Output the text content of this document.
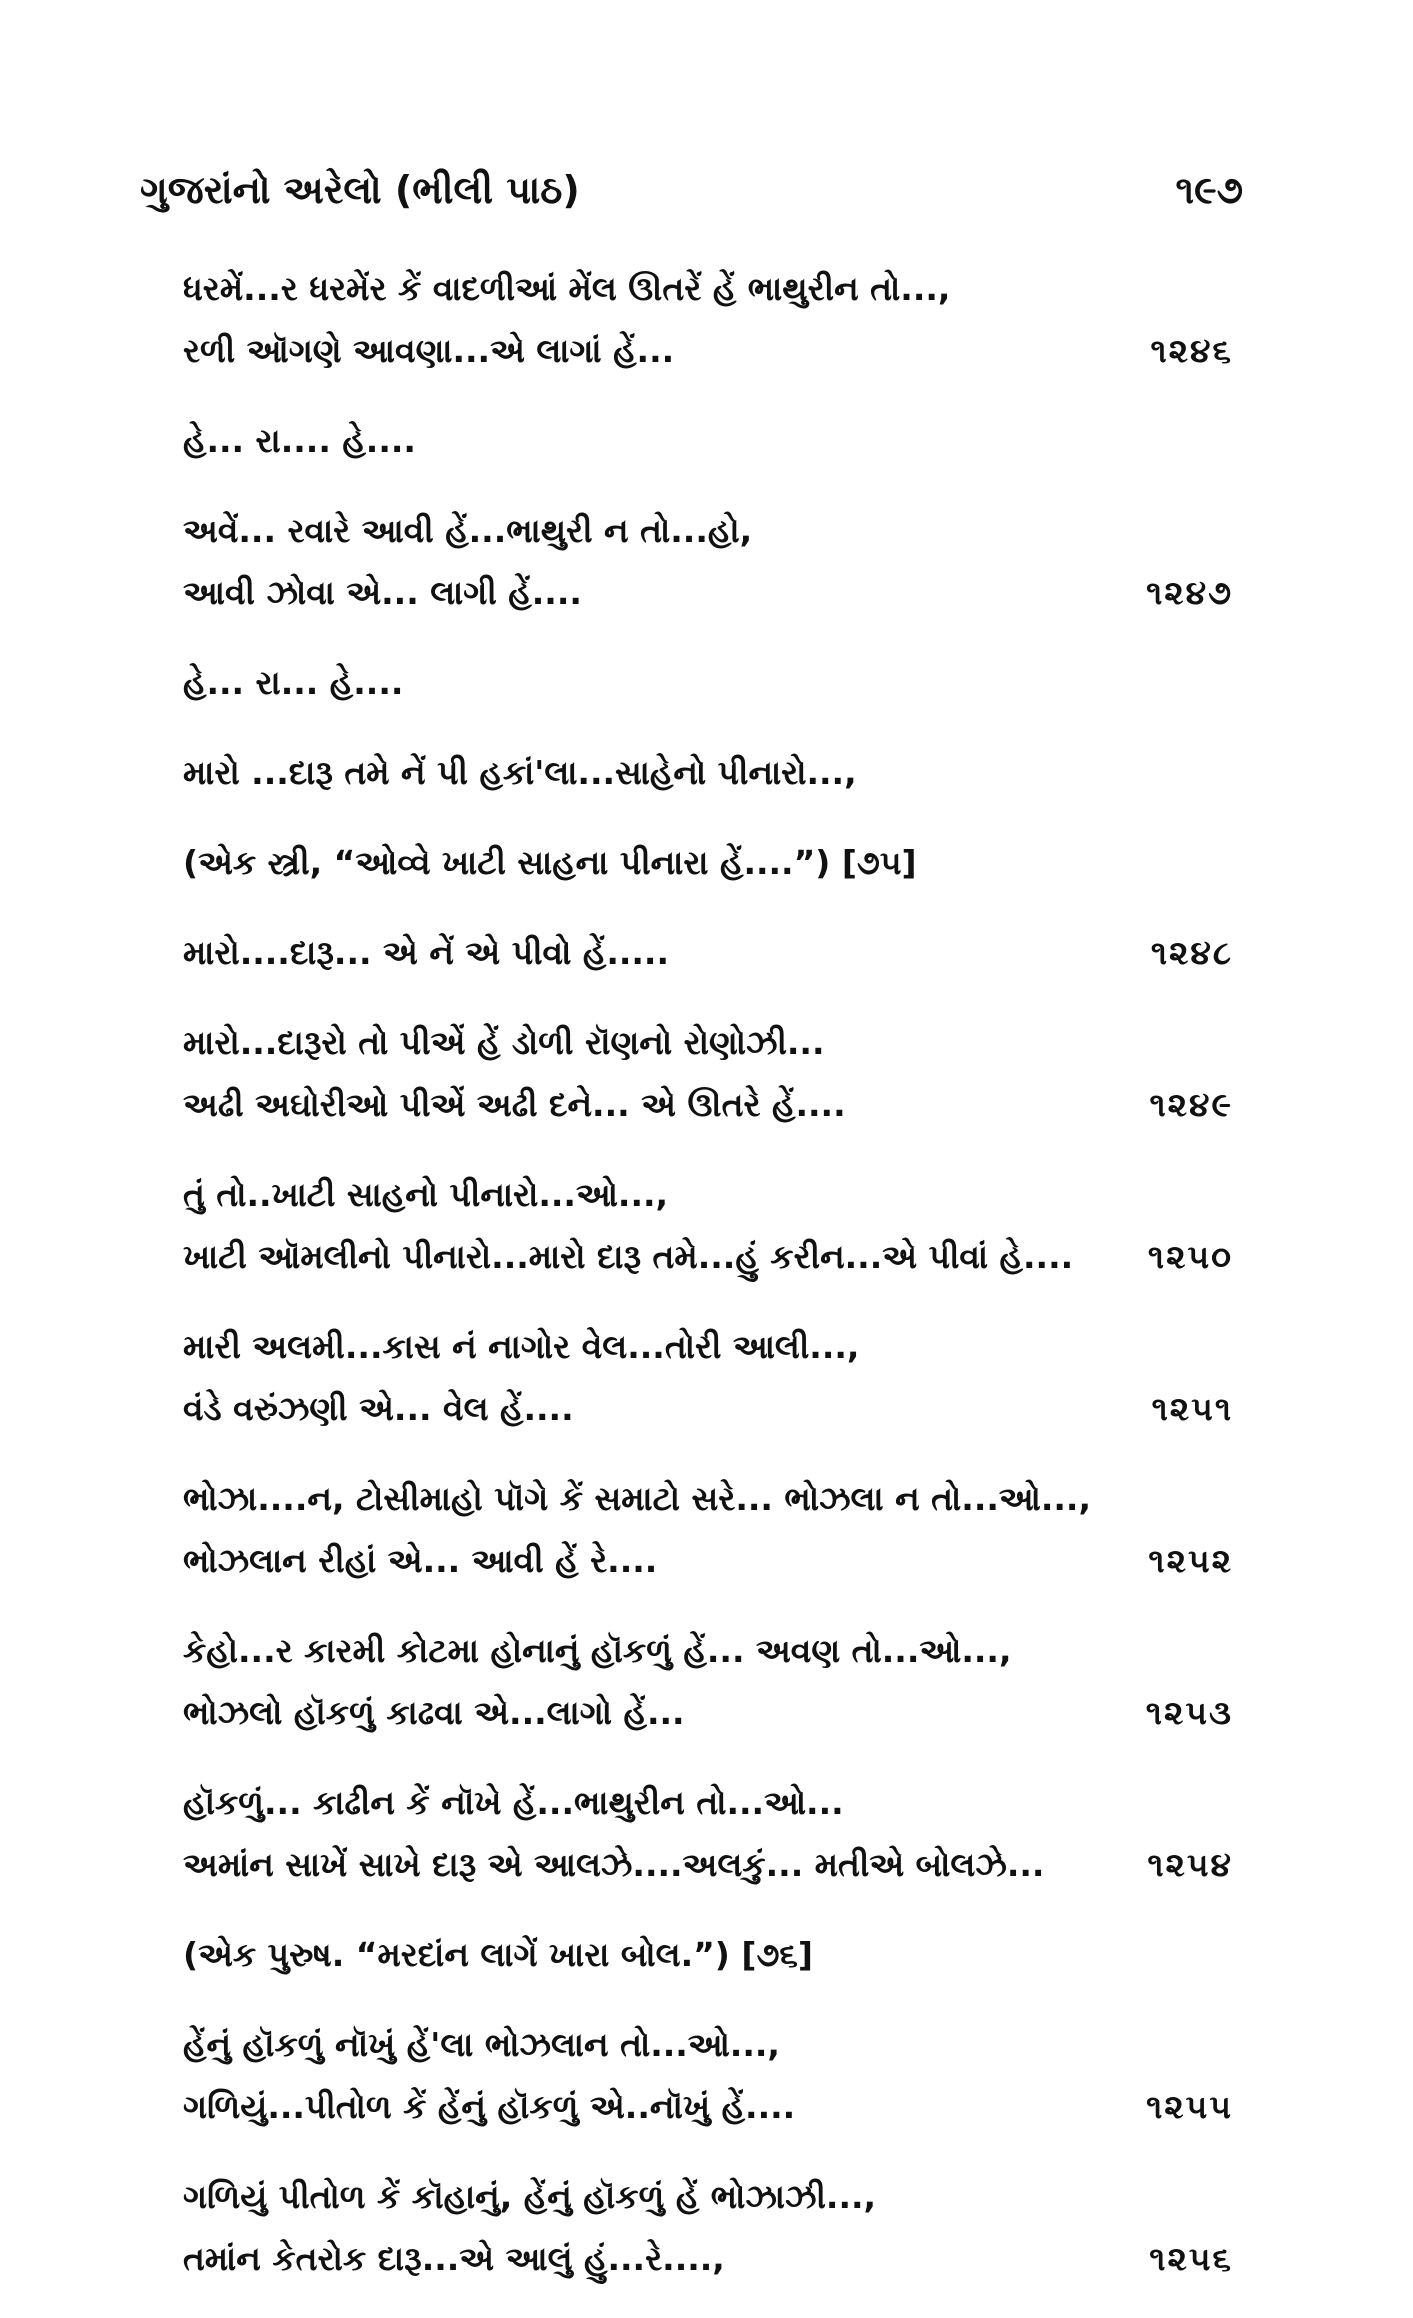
ગુજરાંનો અરેલો (ભીલી પાઠ)	૧૯૭
ધરમેં...ર ધરમેંર કેં વાદળીઆં મેંલ ઊતરેં હેં ભાથુરીન તો...,
રળી ઑગણે આવણા...એ લાગાં હેં...	૧૨૪૬
હે... રા.... હે....
અવેં... રવારે આવી હેં...ભાથુરી ન તો...હો,
આવી ઝોવા એ... લાગી હેં....	૧૨૪૭
હે... રા... હે....
મારો ...દારૂ તમે નેં પી હકાં'લા...સાહેનો પીનારો...,
(એક સ્ત્રી, “ઓવ્વે ખાટી સાહના પીનારા હેં....”) [૭૫]
મારો....દારૂ... એ નેં એ પીવો હેં.....	૧૨૪૮
મારો...દારૂરો તો પીએં હેં ડોળી રૉણનો રોણોઝી...
અઢી અઘોરીઓ પીએં અઢી દને... એ ઊતરે હેં....	૧૨૪૯
તું તો..ખાટી સાહનો પીનારો...ઓ...,
ખાટી ઑમલીનો પીનારો...મારો દારૂ તમે...હું કરીન...એ પીવાં હે....	૧૨૫૦
મારી અલમી...કાસ નં નાગોર વેલ...તોરી આલી...,
વંડે વરુંઝણી એ... વેલ હેં....	૧૨૫૧
ભોઝા....ન, ટોસીમાહો પૉગે કેં સમાટો સરે... ભોઝલા ન તો...ઓ...,
ભોઝલાન રીહાં એ... આવી હેં રે....	૧૨૫૨
કેહો...ર કારમી કોટમા હોનાનું હૉકળું હેં... અવણ તો...ઓ...,
ભોઝલો હૉકળું કાઢવા એ...લાગો હેં...	૧૨૫૩
હૉકળું... કાઢીન કેં નૉખે હેં...ભાથુરીન તો...ઓ...
અમાંન સાખેં સાખે દારૂ એ આલઝે....અલકું... મતીએ બોલઝે...	૧૨૫૪
(એક પુરુષ. “મરદાંન લાગેં ખારા બોલ.”) [૭૬]
હેંનું હૉકળું નૉખું હેં'લા ભોઝલાન તો...ઓ...,
ગળિયું...પીતોળ કેં હેંનું હૉકળું એ..નૉખું હેં....	૧૨૫૫
ગળિયું પીતોળ કેં કૉહાનું, હેંનું હૉકળું હેં ભોઝાઝી...,
તમાંન કેતરોક દારૂ...એ આલું હું...રે....,	૧૨૫૬
